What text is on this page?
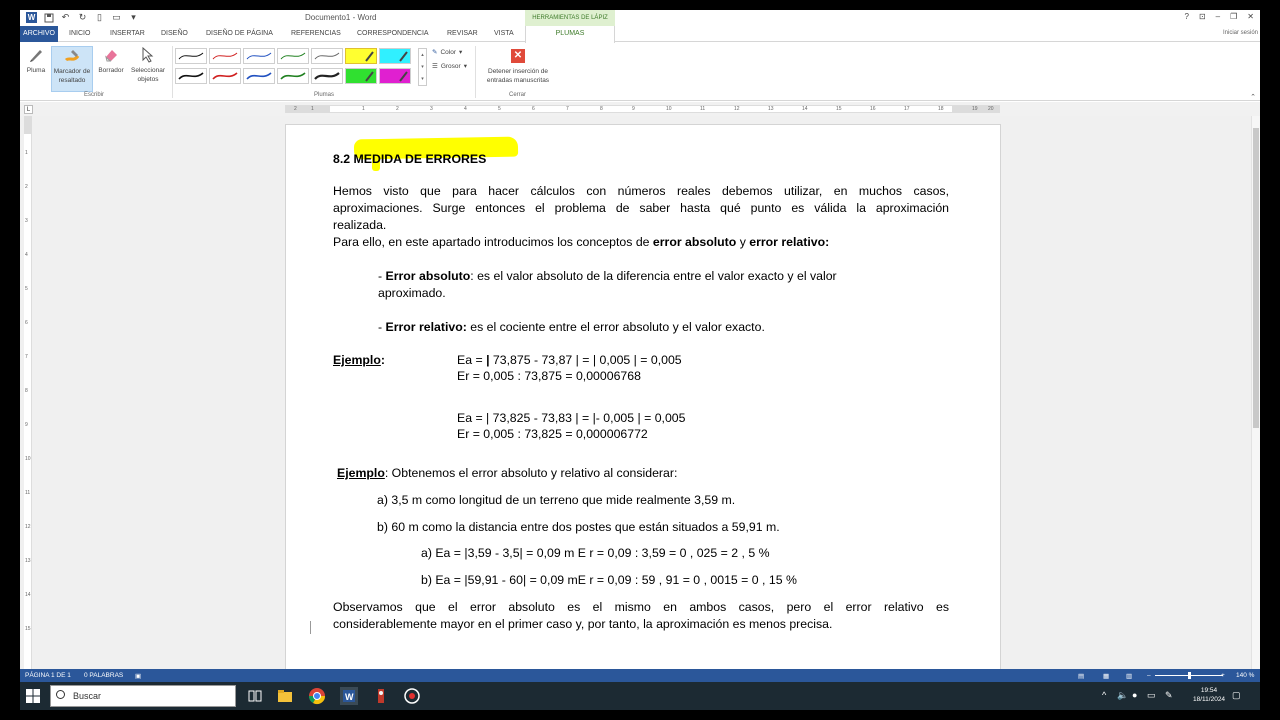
W	↶ ↻	▯	▭	▾	Documento1 - Word	HERRAMIENTAS DE LÁPIZ	? ⊡ – ❐ ✕
ARCHIVO	INICIO	INSERTAR	DISEÑO	DISEÑO DE PÁGINA	REFERENCIAS	CORRESPONDENCIA	REVISAR	VISTA	PLUMAS	Iniciar sesión
Pluma	Marcador de resaltado
Borrador	Seleccionar objetos
Escribir
▴
▾
▾
✎ Color ▾
☰ Grosor ▾
Plumas
✕
Detener inserción de entradas manuscritas
Cerrar	⌃
L	2	1	1	2	3	4	5	6	7	8	9	10	11	12	13	14	15	16	17	18	19 20
1
2
3
4
5
6
7
8
9
10
11
12
13
14
15
8.2 MEDIDA DE ERRORES
Hemos visto que para hacer cálculos con números reales debemos utilizar, en muchos casos,
aproximaciones. Surge entonces el problema de saber hasta qué punto es válida la aproximación
realizada.
Para ello, en este apartado introducimos los conceptos de error absoluto y error relativo:
- Error absoluto: es el valor absoluto de la diferencia entre el valor exacto y el valor
aproximado.
- Error relativo: es el cociente entre el error absoluto y el valor exacto.
Ejemplo:	Ea = | 73,875 - 73,87 | = | 0,005 | = 0,005
Er = 0,005 : 73,875 = 0,00006768
Ea = | 73,825 - 73,83 | = |- 0,005 | = 0,005
Er = 0,005 : 73,825 = 0,000006772
Ejemplo: Obtenemos el error absoluto y relativo al considerar:
a) 3,5 m como longitud de un terreno que mide realmente 3,59 m.
b) 60 m como la distancia entre dos postes que están situados a 59,91 m.
a) Ea = |3,59 - 3,5| = 0,09 m E r = 0,09 : 3,59 = 0 , 025 = 2 , 5 %
b) Ea = |59,91 - 60| = 0,09 mE r = 0,09 : 59 , 91 = 0 , 0015 = 0 , 15 %
Observamos que el error absoluto es el mismo en ambos casos, pero el error relativo es
considerablemente mayor en el primer caso y, por tanto, la aproximación es menos precisa.
PÁGINA 1 DE 1 0 PALABRAS ▣	▤	▦	▥ –	+ 140 %
Buscar	W	^ 🔈 ● ▭ ✎	19:54
18/11/2024 ▢
